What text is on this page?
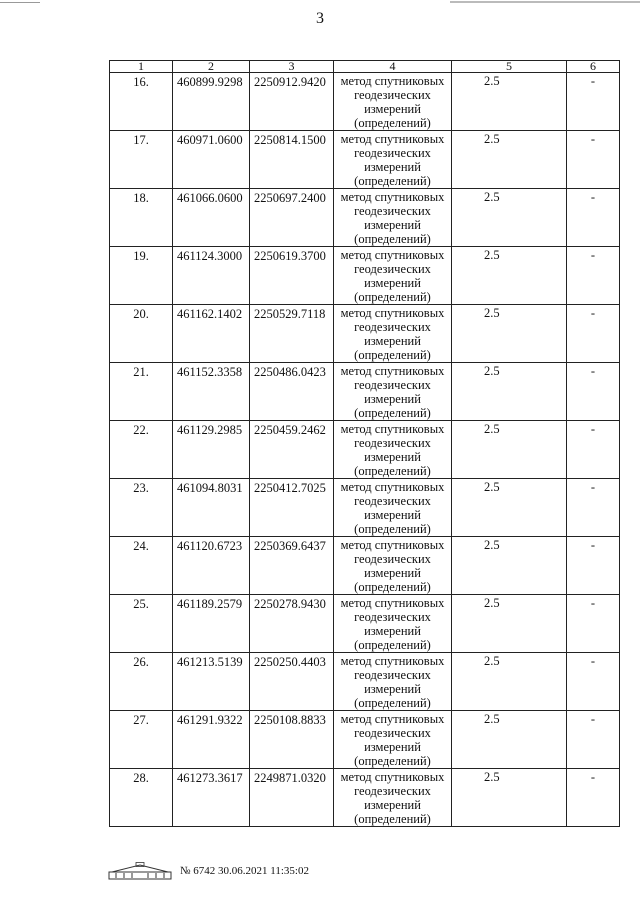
3
1	2	3	4	5	6
16.	460899.9298	2250912.9420	метод спутниковых геодезических измерений (определений)	2.5	-
17.	460971.0600	2250814.1500	метод спутниковых геодезических измерений (определений)	2.5	-
18.	461066.0600	2250697.2400	метод спутниковых геодезических измерений (определений)	2.5	-
19.	461124.3000	2250619.3700	метод спутниковых геодезических измерений (определений)	2.5	-
20.	461162.1402	2250529.7118	метод спутниковых геодезических измерений (определений)	2.5	-
21.	461152.3358	2250486.0423	метод спутниковых геодезических измерений (определений)	2.5	-
22.	461129.2985	2250459.2462	метод спутниковых геодезических измерений (определений)	2.5	-
23.	461094.8031	2250412.7025	метод спутниковых геодезических измерений (определений)	2.5	-
24.	461120.6723	2250369.6437	метод спутниковых геодезических измерений (определений)	2.5	-
25.	461189.2579	2250278.9430	метод спутниковых геодезических измерений (определений)	2.5	-
26.	461213.5139	2250250.4403	метод спутниковых геодезических измерений (определений)	2.5	-
27.	461291.9322	2250108.8833	метод спутниковых геодезических измерений (определений)	2.5	-
28.	461273.3617	2249871.0320	метод спутниковых геодезических измерений (определений)	2.5	-
№ 6742 30.06.2021 11:35:02
